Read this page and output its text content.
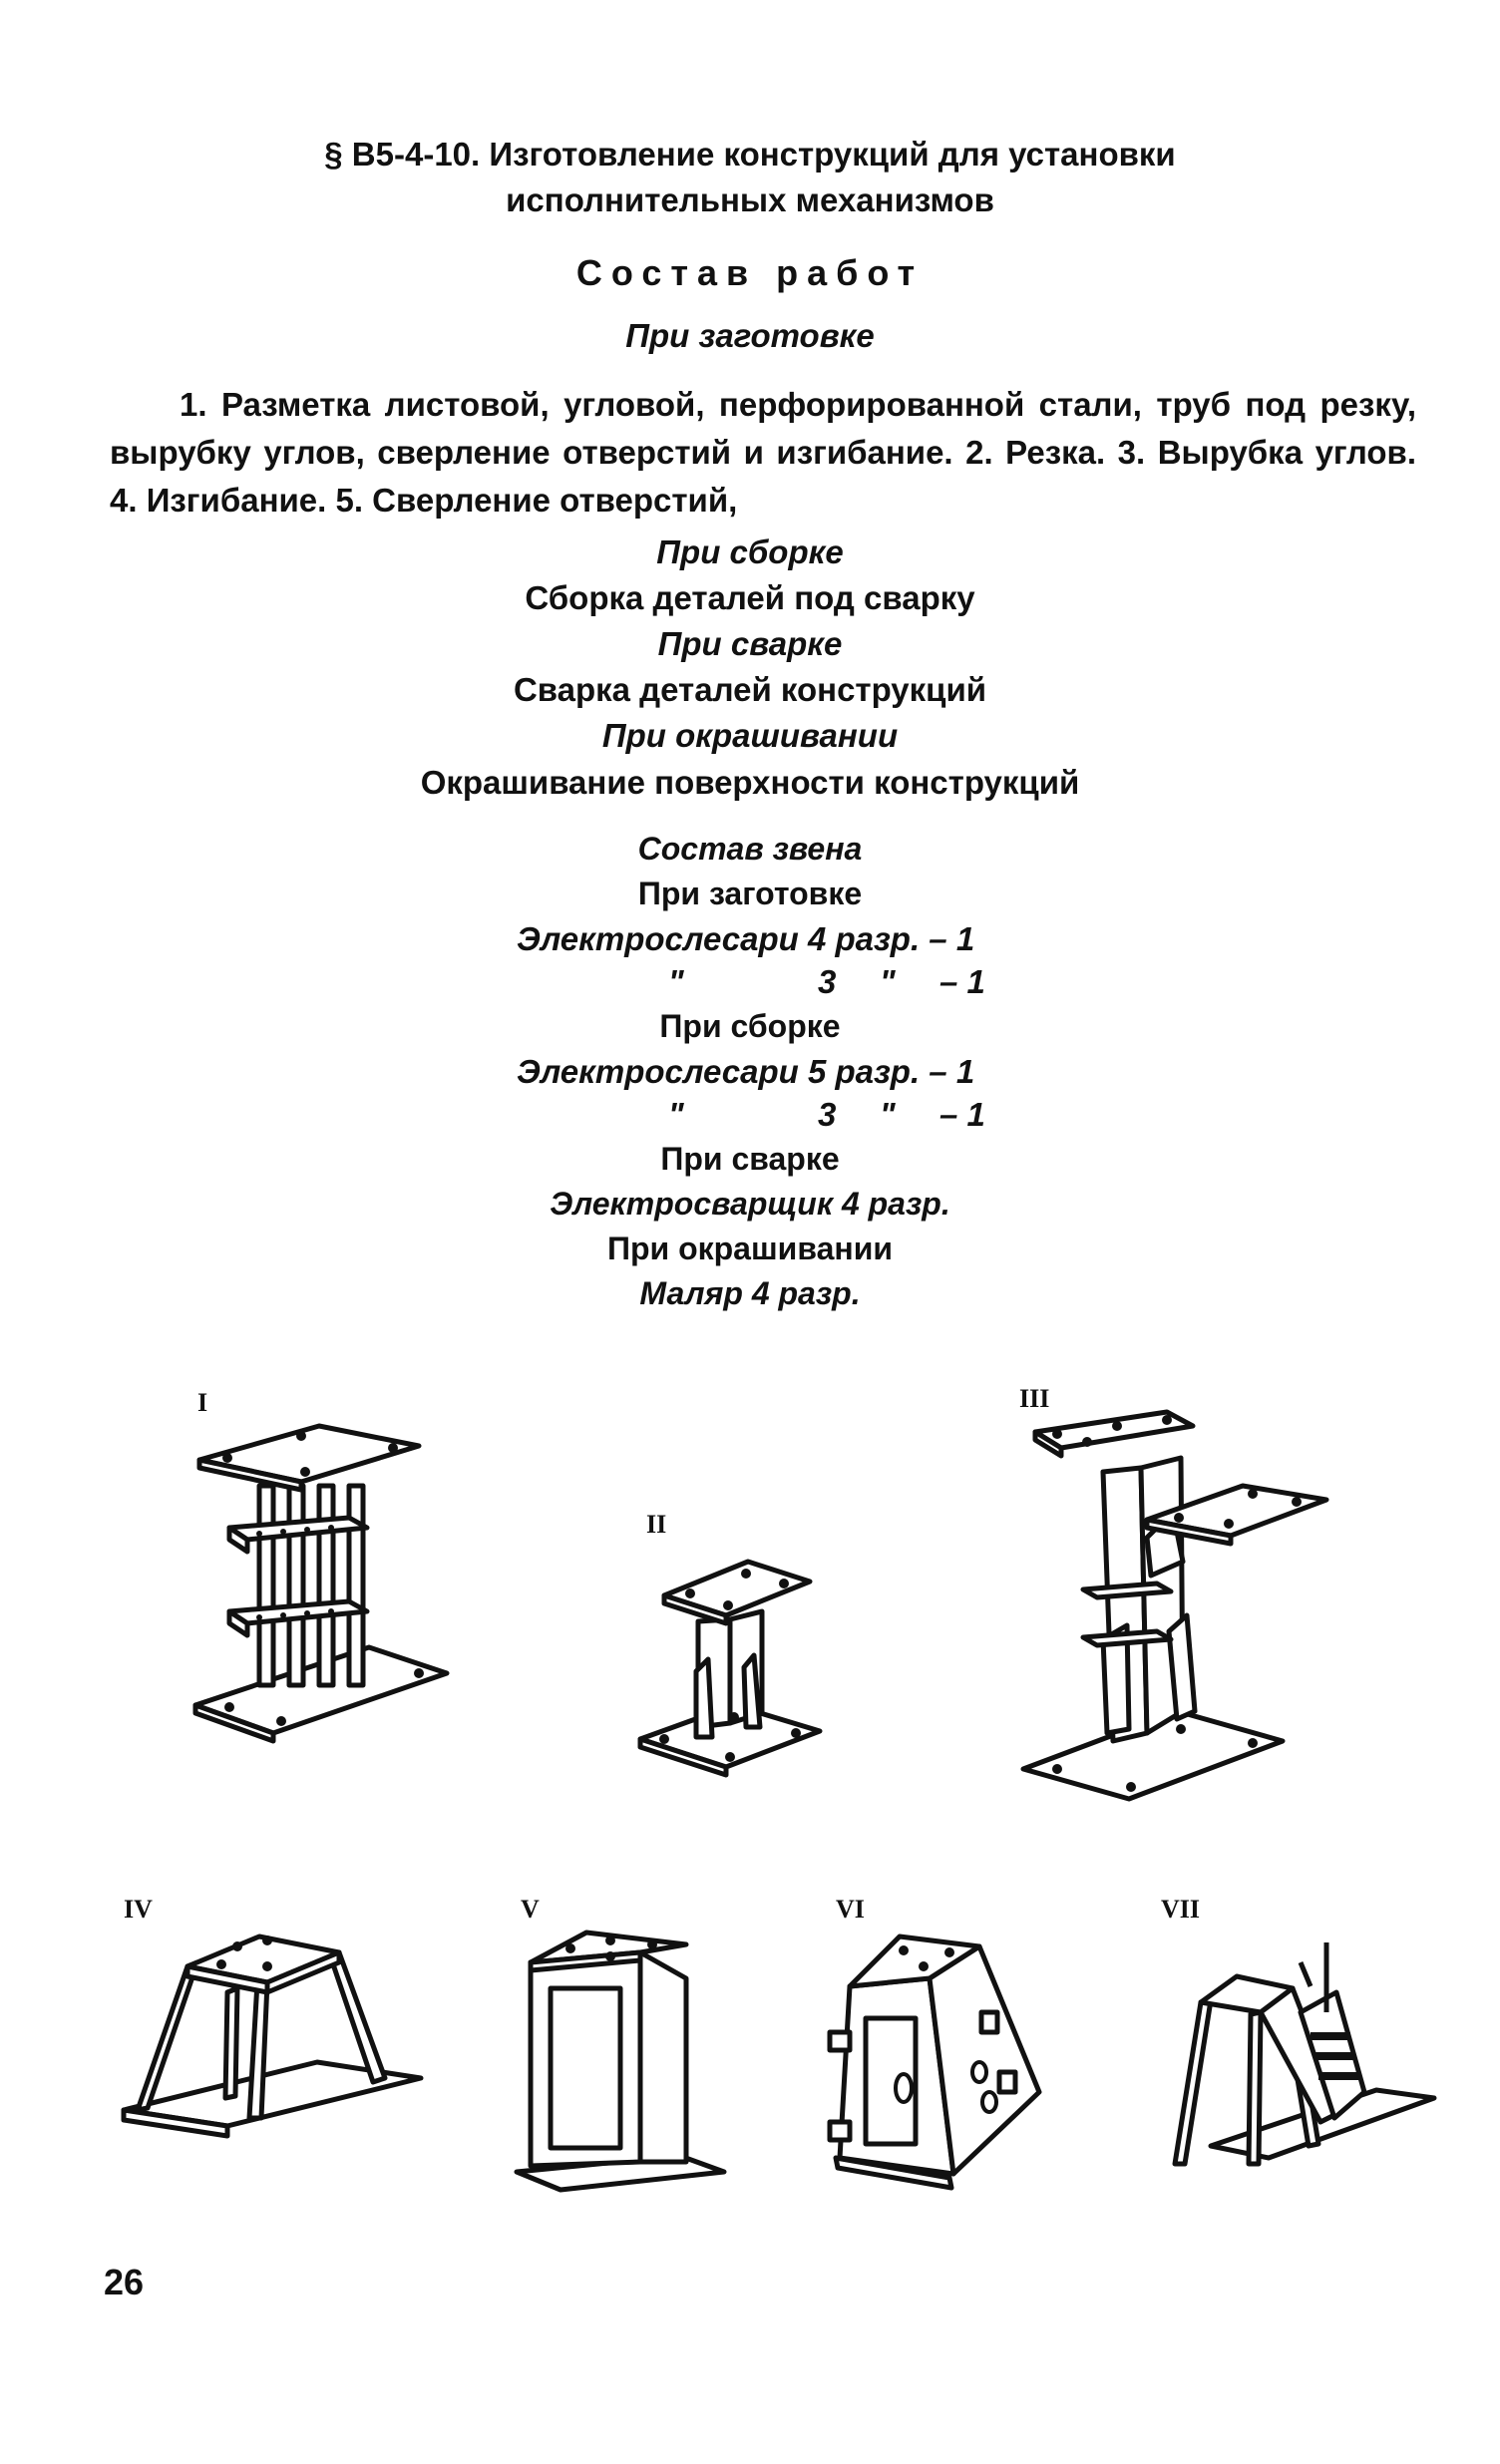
§ В5-4-10. Изготовление конструкций для установки
исполнительных механизмов
Состав работ
При заготовке
1. Разметка листовой, угловой, перфорированной стали, труб под резку, вырубку углов, сверление отверстий и изгибание. 2. Резка. 3. Вырубка углов. 4. Изгибание. 5. Сверление отверстий,
При сборке
Сборка деталей под сварку
При сварке
Сварка деталей конструкций
При окрашивании
Окрашивание поверхности конструкций
Состав звена
При заготовке
Электрослесари 4 разр. – 1
"	3 " – 1
При сборке
Электрослесари 5 разр. – 1
"	3 " – 1
При сварке
Электросварщик 4 разр.
При окрашивании
Маляр 4 разр.
I
II
III
IV	V	VI	VII
26
